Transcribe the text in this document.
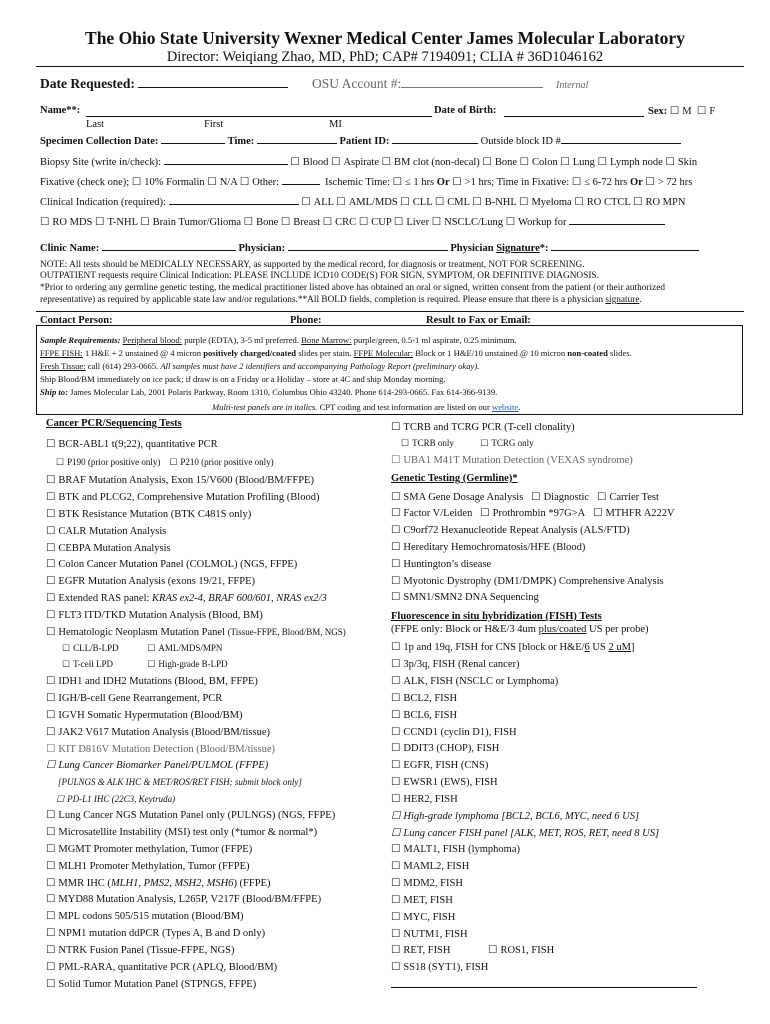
The Ohio State University Wexner Medical Center James Molecular Laboratory
Director: Weiqiang Zhao, MD, PhD; CAP# 7194091; CLIA # 36D1046162
Date Requested:	OSU Account #:	Internal
Name**:	Date of Birth:	Sex: ☐ M ☐ F
Last	First	MI
Specimen Collection Date:	Time:	Patient ID:	Outside block ID #
Biopsy Site (write in/check): ☐	Blood ☐ Aspirate ☐ BM clot (non-decal) ☐ Bone ☐ Colon ☐ Lung ☐ Lymph node ☐ Skin
Fixative (check one); ☐ 10% Formalin ☐ N/A ☐ Other:	Ischemic Time: ☐ ≤ 1 hrs Or ☐ >1 hrs; Time in Fixative: ☐ ≤ 6-72 hrs Or ☐ > 72 hrs
Clinical Indication (required): ☐	ALL ☐ AML/MDS ☐ CLL ☐ CML ☐ B-NHL ☐ Myeloma ☐ RO CTCL ☐ RO MPN
☐ RO MDS ☐ T-NHL ☐ Brain Tumor/Glioma ☐ Bone ☐ Breast ☐ CRC ☐ CUP ☐ Liver ☐ NSCLC/Lung ☐ Workup for
Clinic Name:	Physician:	Physician Signature*:
NOTE: All tests should be MEDICALLY NECESSARY, as supported by the medical record, for diagnosis or treatment, NOT FOR SCREENING.
OUTPATIENT requests require Clinical Indication: PLEASE INCLUDE ICD10 CODE(S) FOR SIGN, SYMPTOM, OR DEFINITIVE DIAGNOSIS.
*Prior to ordering any germline genetic testing, the medical practitioner listed above has obtained an oral or signed, written consent from the patient (or their authorized
representative) as required by applicable state law and/or regulations.**All BOLD fields, completion is required. Please ensure that there is a physician signature.
Contact Person:	Phone:	Result to Fax or Email:
Sample Requirements: Peripheral blood: purple (EDTA), 3-5 ml preferred. Bone Marrow: purple/green, 0.5-1 ml aspirate, 0.25 minimum.
FFPE FISH: 1 H&E + 2 unstained @ 4 micron positively charged/coated slides per stain. FFPE Molecular: Block or 1 H&E/10 unstained @ 10 micron non-coated slides.
Fresh Tissue: call (614) 293-0665. All samples must have 2 identifiers and accompanying Pathology Report (preliminary okay).
Ship Blood/BM immediately on ice pack; if draw is on a Friday or a Holiday – store at 4C and ship Monday morning.
Ship to: James Molecular Lab, 2001 Polaris Parkway, Room 1310, Columbus Ohio 43240. Phone 614-293-0665. Fax 614-366-9139.
Multi-test panels are in italics. CPT coding and test information are listed on our website.
Cancer PCR/Sequencing Tests
☐ BCR-ABL1 t(9;22), quantitative PCR
☐ P190 (prior positive only) ☐ P210 (prior positive only)
☐ BRAF Mutation Analysis, Exon 15/V600 (Blood/BM/FFPE)
☐ BTK and PLCG2, Comprehensive Mutation Profiling (Blood)
☐ BTK Resistance Mutation (BTK C481S only)
☐ CALR Mutation Analysis
☐ CEBPA Mutation Analysis
☐ Colon Cancer Mutation Panel (COLMOL) (NGS, FFPE)
☐ EGFR Mutation Analysis (exons 19/21, FFPE)
☐ Extended RAS panel: KRAS ex2-4, BRAF 600/601, NRAS ex2/3
☐ FLT3 ITD/TKD Mutation Analysis (Blood, BM)
☐ Hematologic Neoplasm Mutation Panel (Tissue-FFPE, Blood/BM, NGS)
☐ CLL/B-LPD ☐	AML/MDS/MPN
☐ T-cell LPD ☐	High-grade B-LPD
☐ IDH1 and IDH2 Mutations (Blood, BM, FFPE)
☐ IGH/B-cell Gene Rearrangement, PCR
☐ IGVH Somatic Hypermutation (Blood/BM)
☐ JAK2 V617 Mutation Analysis (Blood/BM/tissue)
☐ KIT D816V Mutation Detection (Blood/BM/tissue)
☐ Lung Cancer Biomarker Panel/PULMOL (FFPE)
[PULNGS & ALK IHC & MET/ROS/RET FISH; submit block only]
☐ PD-L1 IHC (22C3, Keytruda)
☐ Lung Cancer NGS Mutation Panel only (PULNGS) (NGS, FFPE)
☐ Microsatellite Instability (MSI) test only (*tumor & normal*)
☐ MGMT Promoter methylation, Tumor (FFPE)
☐ MLH1 Promoter Methylation, Tumor (FFPE)
☐ MMR IHC (MLH1, PMS2, MSH2, MSH6) (FFPE)
☐ MYD88 Mutation Analysis, L265P, V217F (Blood/BM/FFPE)
☐ MPL codons 505/515 mutation (Blood/BM)
☐ NPM1 mutation ddPCR (Types A, B and D only)
☐ NTRK Fusion Panel (Tissue-FFPE, NGS)
☐ PML-RARA, quantitative PCR (APLQ, Blood/BM)
☐ Solid Tumor Mutation Panel (STPNGS, FFPE)
☐ TCRB and TCRG PCR (T-cell clonality)
☐ TCRB only ☐	TCRG only
☐ UBA1 M41T Mutation Detection (VEXAS syndrome)
Genetic Testing (Germline)*
☐ SMA Gene Dosage Analysis ☐ Diagnostic ☐ Carrier Test
☐ Factor V/Leiden ☐ Prothrombin *97G>A ☐ MTHFR A222V
☐ C9orf72 Hexanucleotide Repeat Analysis (ALS/FTD)
☐ Hereditary Hemochromatosis/HFE (Blood)
☐ Huntington’s disease
☐ Myotonic Dystrophy (DM1/DMPK) Comprehensive Analysis
☐ SMN1/SMN2 DNA Sequencing
Fluorescence in situ hybridization (FISH) Tests
(FFPE only: Block or H&E/3 4um plus/coated US per probe)
☐ 1p and 19q, FISH for CNS [block or H&E/6 US 2 uM]
☐ 3p/3q, FISH (Renal cancer)
☐ ALK, FISH (NSCLC or Lymphoma)
☐ BCL2, FISH
☐ BCL6, FISH
☐ CCND1 (cyclin D1), FISH
☐ DDIT3 (CHOP), FISH
☐ EGFR, FISH (CNS)
☐ EWSR1 (EWS), FISH
☐ HER2, FISH
☐ High-grade lymphoma [BCL2, BCL6, MYC, need 6 US]
☐ Lung cancer FISH panel [ALK, MET, ROS, RET, need 8 US]
☐ MALT1, FISH (lymphoma)
☐ MAML2, FISH
☐ MDM2, FISH
☐ MET, FISH
☐ MYC, FISH
☐ NUTM1, FISH
☐ RET, FISH ☐	ROS1, FISH
☐ SS18 (SYT1), FISH
